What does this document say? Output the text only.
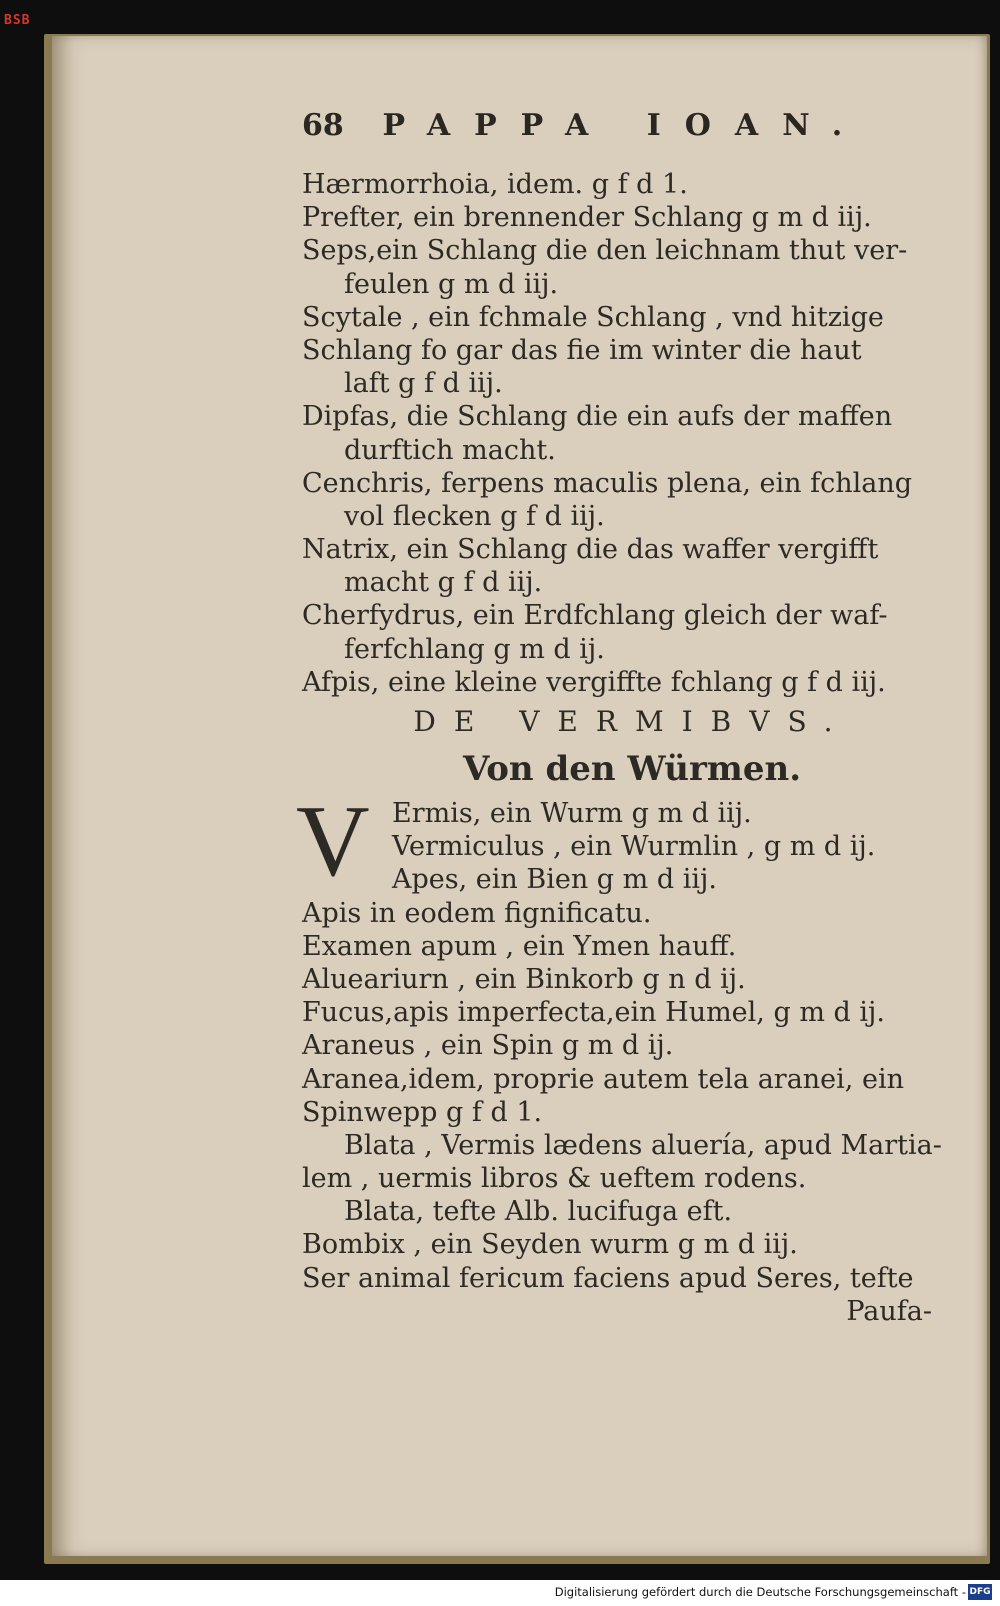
BSB
68 PAPPA IOAN.
Hærmorrhoia, idem. g f d 1.
Prefter, ein brennender Schlang g m d iij.
Seps,ein Schlang die den leichnam thut ver-
feulen g m d iij.
Scytale , ein fchmale Schlang , vnd hitzige
Schlang fo gar das fie im winter die haut
laft g f d iij.
Dipfas, die Schlang die ein aufs der maffen
durftich macht.
Cenchris, ferpens maculis plena, ein fchlang
vol flecken g f d iij.
Natrix, ein Schlang die das waffer vergifft
macht g f d iij.
Cherfydrus, ein Erdfchlang gleich der waf-
ferfchlang g m d ij.
Afpis, eine kleine vergiffte fchlang g f d iij.
DE VERMIBVS.
Von den Würmen.
V Ermis, ein Wurm g m d iij.
Vermiculus , ein Wurmlin , g m d ij.
Apes, ein Bien g m d iij.
Apis in eodem fignificatu.
Examen apum , ein Ymen hauff.
Alueariurn , ein Binkorb g n d ij.
Fucus,apis imperfecta,ein Humel, g m d ij.
Araneus , ein Spin g m d ij.
Aranea,idem, proprie autem tela aranei, ein
Spinwepp g f d 1.
Blata , Vermis lædens aluería, apud Martia-
lem , uermis libros & ueftem rodens.
Blata, tefte Alb. lucifuga eft.
Bombix , ein Seyden wurm g m d iij.
Ser animal fericum faciens apud Seres, tefte
Paufa-
Digitalisierung gefördert durch die Deutsche Forschungsgemeinschaft - DFG
